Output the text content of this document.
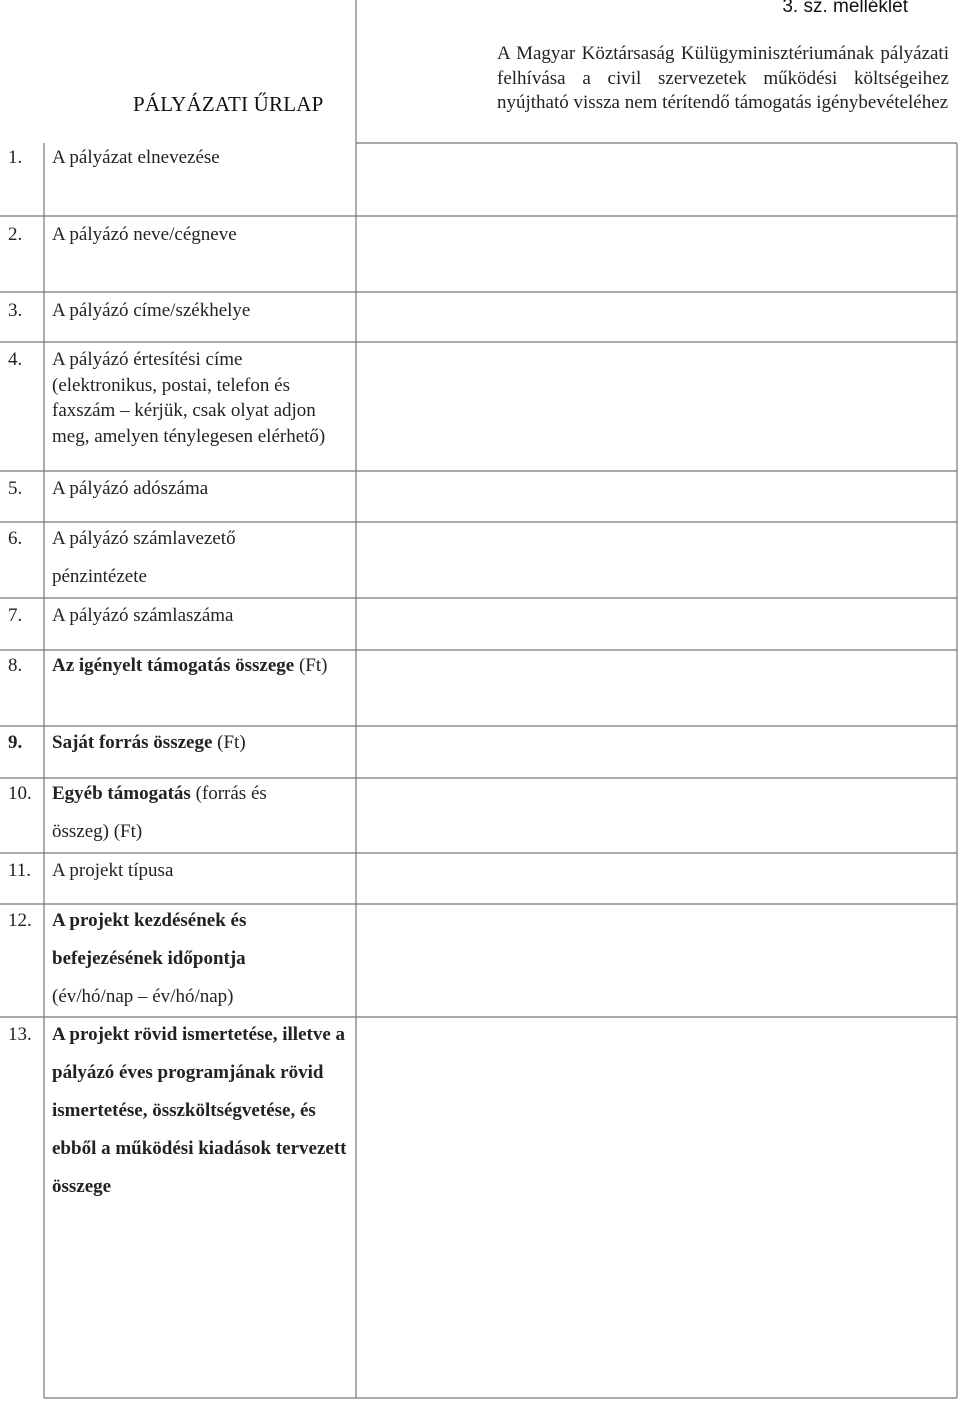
3. sz. melléklet
PÁLYÁZATI ŰRLAP
A Magyar Köztársaság Külügyminisztériumának pályázati felhívása a civil szervezetek működési költségeihez nyújtható vissza nem térítendő támogatás igénybevételéhez
1. A pályázat elnevezése
2. A pályázó neve/cégneve
3. A pályázó címe/székhelye
4. A pályázó értesítési címe (elektronikus, postai, telefon és faxszám – kérjük, csak olyat adjon meg, amelyen ténylegesen elérhető)
5. A pályázó adószáma
6. A pályázó számlavezető pénzintézete
7. A pályázó számlaszáma
8. Az igényelt támogatás összege (Ft)
9. Saját forrás összege (Ft)
10. Egyéb támogatás (forrás és összeg) (Ft)
11. A projekt típusa
12. A projekt kezdésének és befejezésének időpontja (év/hó/nap – év/hó/nap)
13. A projekt rövid ismertetése, illetve a pályázó éves programjának rövid ismertetése, összköltségvetése, és ebből a működési kiadások tervezett összege
